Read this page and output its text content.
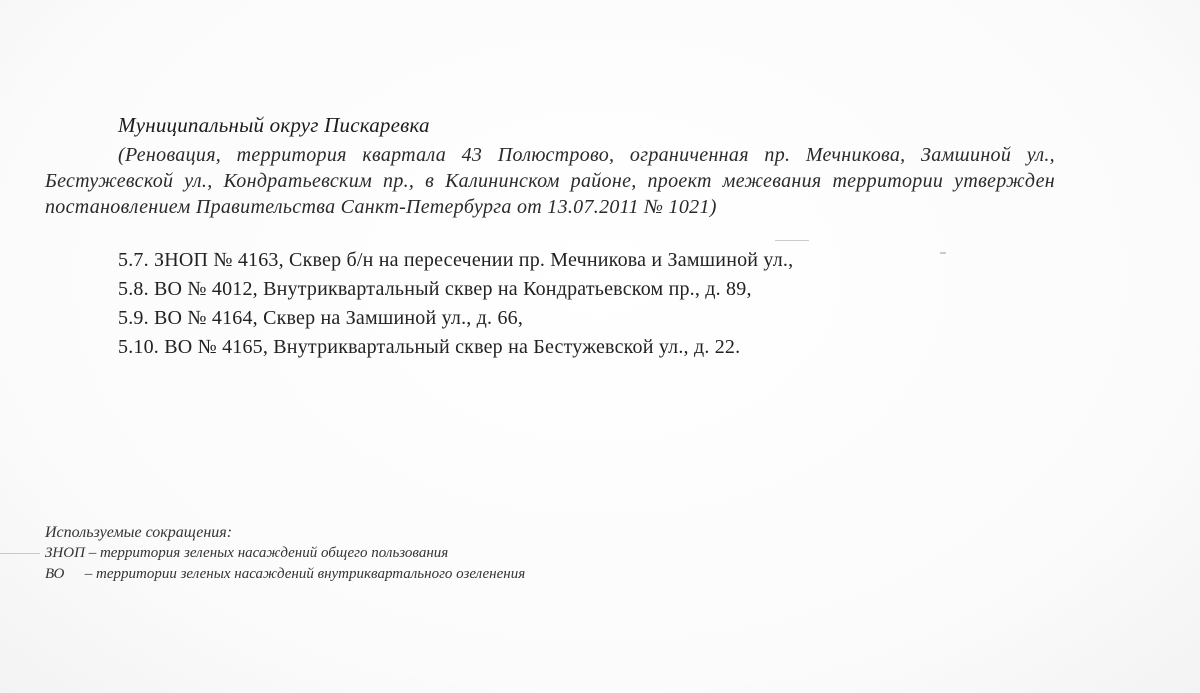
Муниципальный округ Пискаревка

(Реновация, территория квартала 43 Полюстрово, ограниченная пр. Мечникова, Замшиной ул., Бестужевской ул., Кондратьевским пр., в Калининском районе, проект межевания территории утвержден постановлением Правительства Санкт-Петербурга от 13.07.2011 № 1021)

5.7. ЗНОП № 4163, Сквер б/н на пересечении пр. Мечникова и Замшиной ул.,
5.8. ВО № 4012, Внутриквартальный сквер на Кондратьевском пр., д. 89,
5.9. ВО № 4164, Сквер на Замшиной ул., д. 66,
5.10. ВО № 4165, Внутриквартальный сквер на Бестужевской ул., д. 22.
Используемые сокращения:
ЗНОП – территория зеленых насаждений общего пользования
ВО – территории зеленых насаждений внутриквартального озеленения
